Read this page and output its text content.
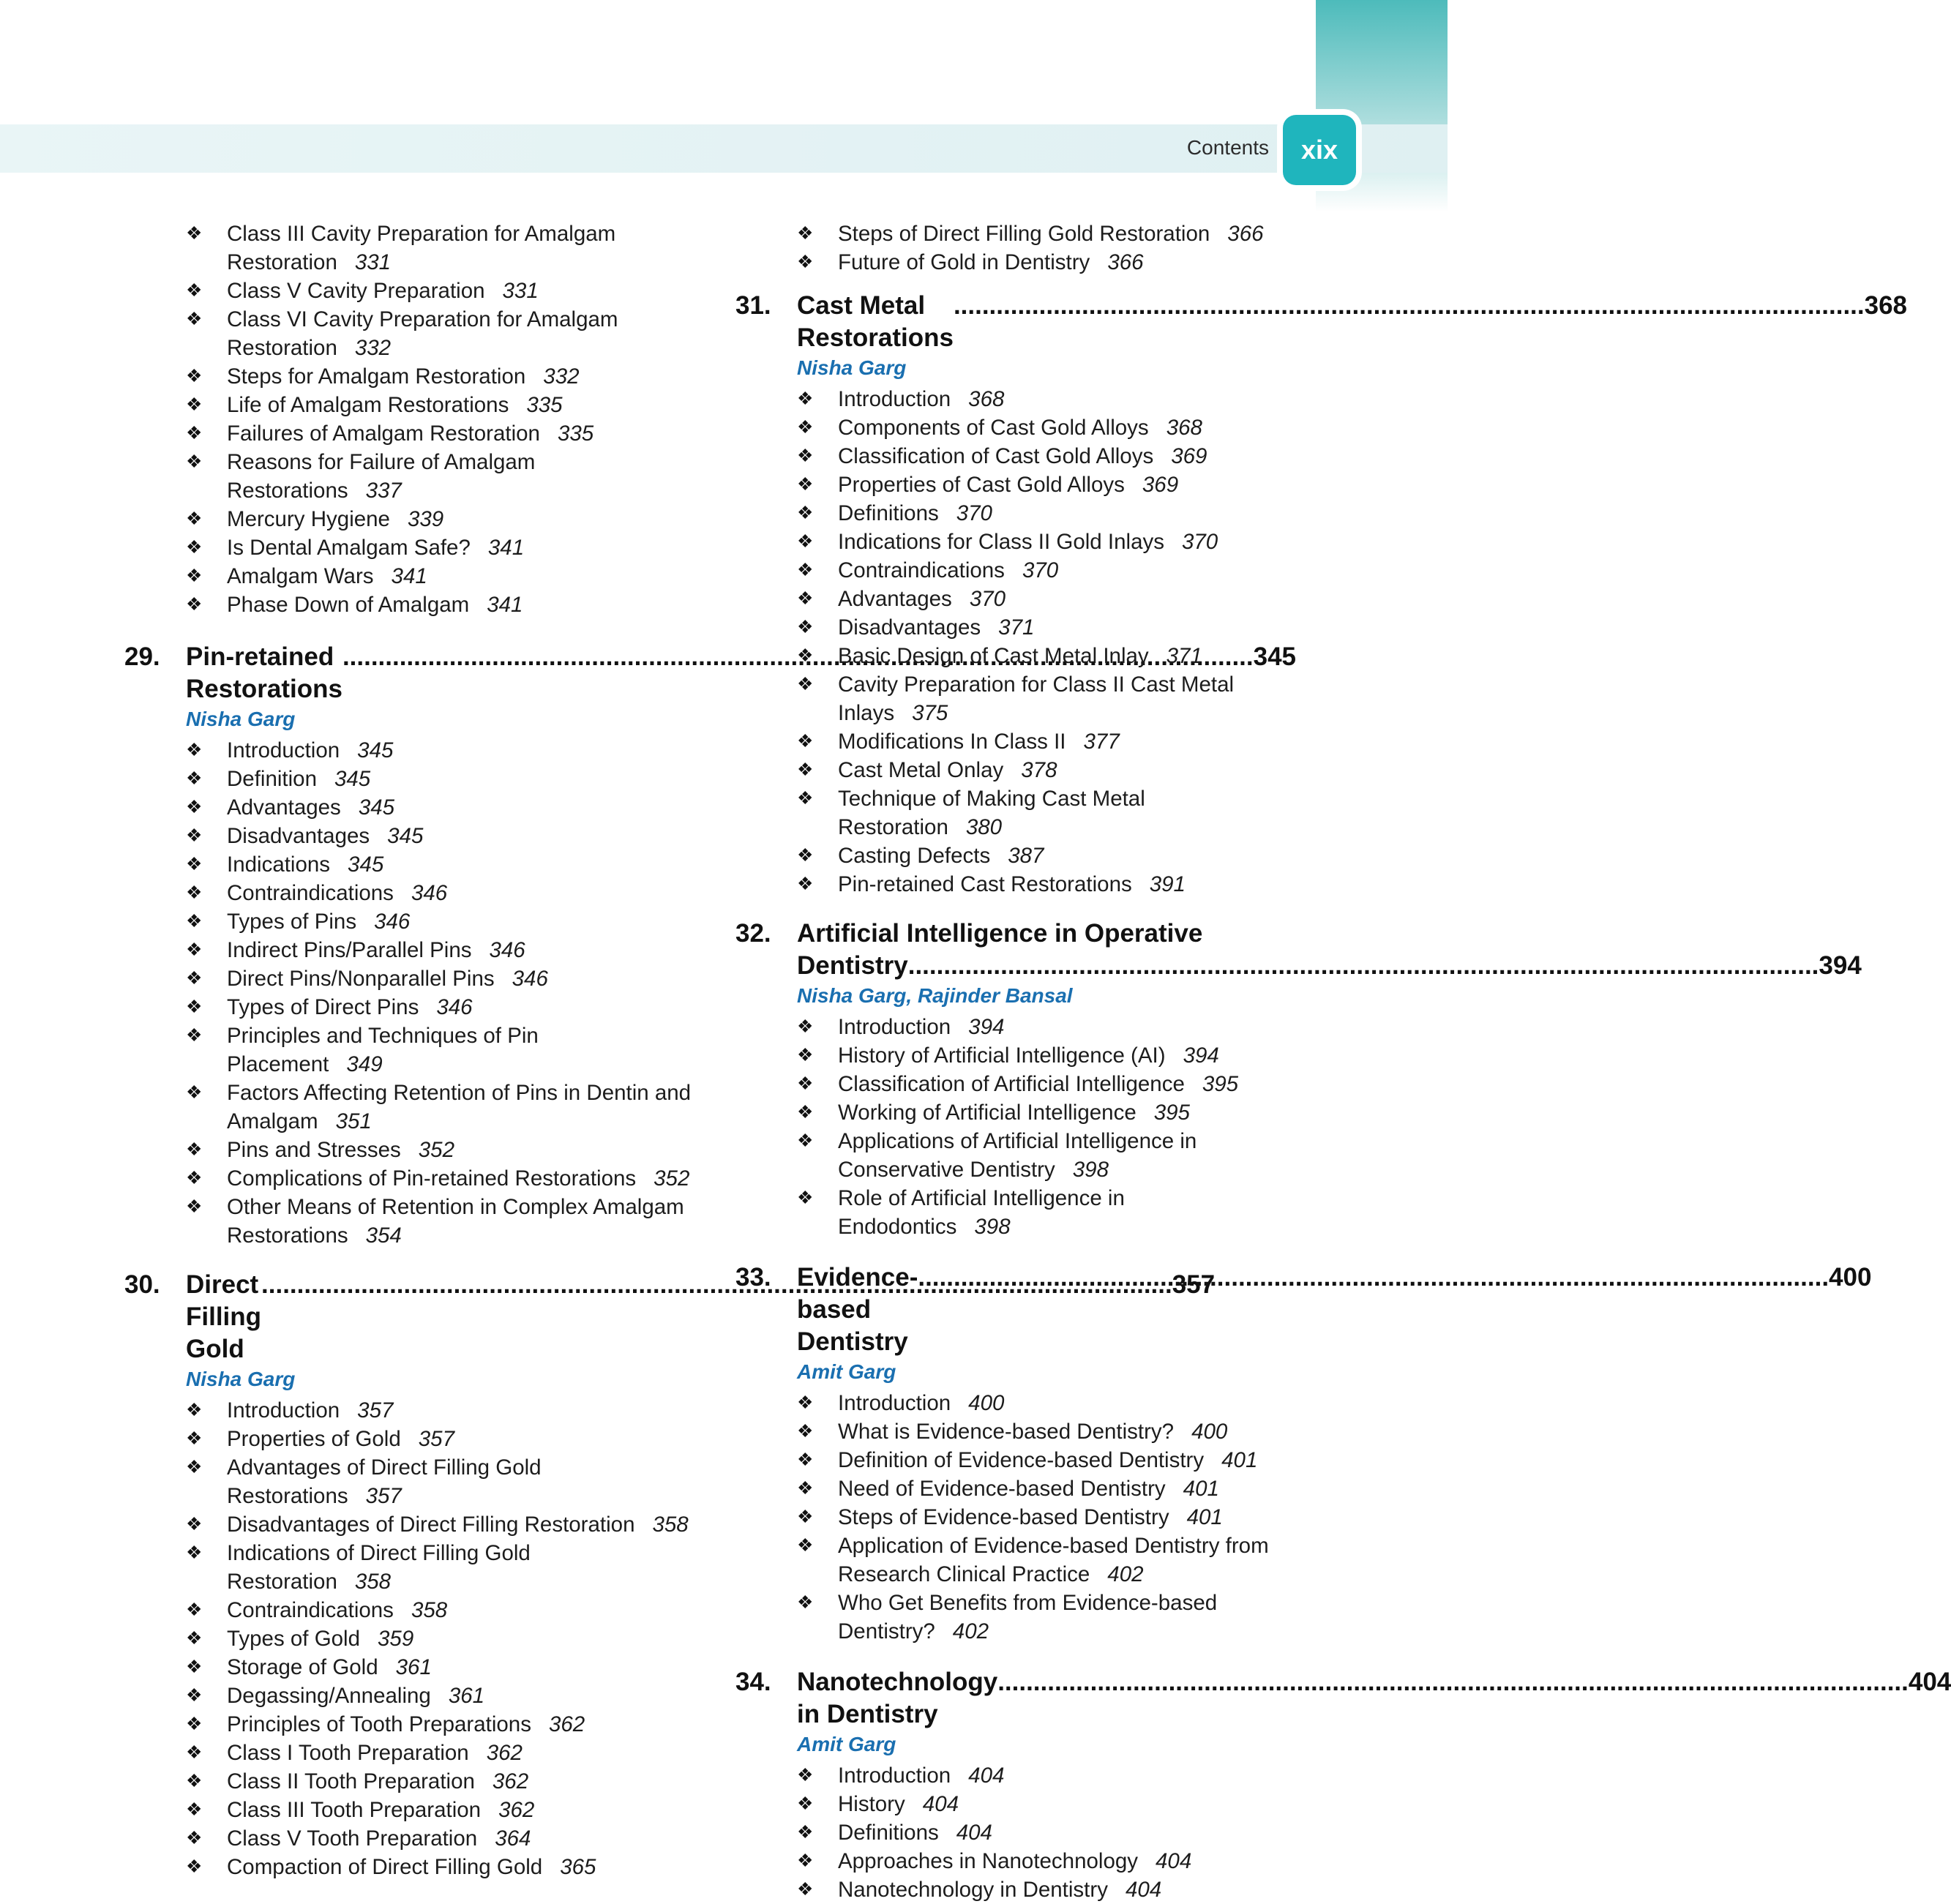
Contents	xix
❖ Class III Cavity Preparation for Amalgam
Restoration 331
❖ Class V Cavity Preparation 331
❖ Class VI Cavity Preparation for Amalgam
Restoration 332
❖ Steps for Amalgam Restoration 332
❖ Life of Amalgam Restorations 335
❖ Failures of Amalgam Restoration 335
❖ Reasons for Failure of Amalgam
Restorations 337
❖ Mercury Hygiene 339
❖ Is Dental Amalgam Safe? 341
❖ Amalgam Wars 341
❖ Phase Down of Amalgam 341
29.	Pin-retained Restorations
.....
345
Nisha Garg
❖ Introduction 345
❖ Definition 345
❖ Advantages 345
❖ Disadvantages 345
❖ Indications 345
❖ Contraindications 346
❖ Types of Pins 346
❖ Indirect Pins/Parallel Pins 346
❖ Direct Pins/Nonparallel Pins 346
❖ Types of Direct Pins 346
❖ Principles and Techniques of Pin
Placement 349
❖ Factors Affecting Retention of Pins in Dentin and
Amalgam 351
❖ Pins and Stresses 352
❖ Complications of Pin-retained Restorations 352
❖ Other Means of Retention in Complex Amalgam
Restorations 354
30.	Direct Filling Gold
.....
357
Nisha Garg
❖ Introduction 357
❖ Properties of Gold 357
❖ Advantages of Direct Filling Gold
Restorations 357
❖ Disadvantages of Direct Filling Restoration 358
❖ Indications of Direct Filling Gold
Restoration 358
❖ Contraindications 358
❖ Types of Gold 359
❖ Storage of Gold 361
❖ Degassing/Annealing 361
❖ Principles of Tooth Preparations 362
❖ Class I Tooth Preparation 362
❖ Class II Tooth Preparation 362
❖ Class III Tooth Preparation 362
❖ Class V Tooth Preparation 364
❖ Compaction of Direct Filling Gold 365
❖ Steps of Direct Filling Gold Restoration 366
❖ Future of Gold in Dentistry 366
31.	Cast Metal Restorations
.....
368
Nisha Garg
❖ Introduction 368
❖ Components of Cast Gold Alloys 368
❖ Classification of Cast Gold Alloys 369
❖ Properties of Cast Gold Alloys 369
❖ Definitions 370
❖ Indications for Class II Gold Inlays 370
❖ Contraindications 370
❖ Advantages 370
❖ Disadvantages 371
❖ Basic Design of Cast Metal Inlay 371
❖ Cavity Preparation for Class II Cast Metal
Inlays 375
❖ Modifications In Class II 377
❖ Cast Metal Onlay 378
❖ Technique of Making Cast Metal
Restoration 380
❖ Casting Defects 387
❖ Pin-retained Cast Restorations 391
32.	Artificial Intelligence in Operative
Dentistry
.....	394
Nisha Garg, Rajinder Bansal
❖ Introduction 394
❖ History of Artificial Intelligence (AI) 394
❖ Classification of Artificial Intelligence 395
❖ Working of Artificial Intelligence 395
❖ Applications of Artificial Intelligence in
Conservative Dentistry 398
❖ Role of Artificial Intelligence in
Endodontics 398
33.	Evidence-based Dentistry
.....
400
Amit Garg
❖ Introduction 400
❖ What is Evidence-based Dentistry? 400
❖ Definition of Evidence-based Dentistry 401
❖ Need of Evidence-based Dentistry 401
❖ Steps of Evidence-based Dentistry 401
❖ Application of Evidence-based Dentistry from
Research Clinical Practice 402
❖ Who Get Benefits from Evidence-based
Dentistry? 402
34.	Nanotechnology in Dentistry
.....
404
Amit Garg
❖ Introduction 404
❖ History 404
❖ Definitions 404
❖ Approaches in Nanotechnology 404
❖ Nanotechnology in Dentistry 404
